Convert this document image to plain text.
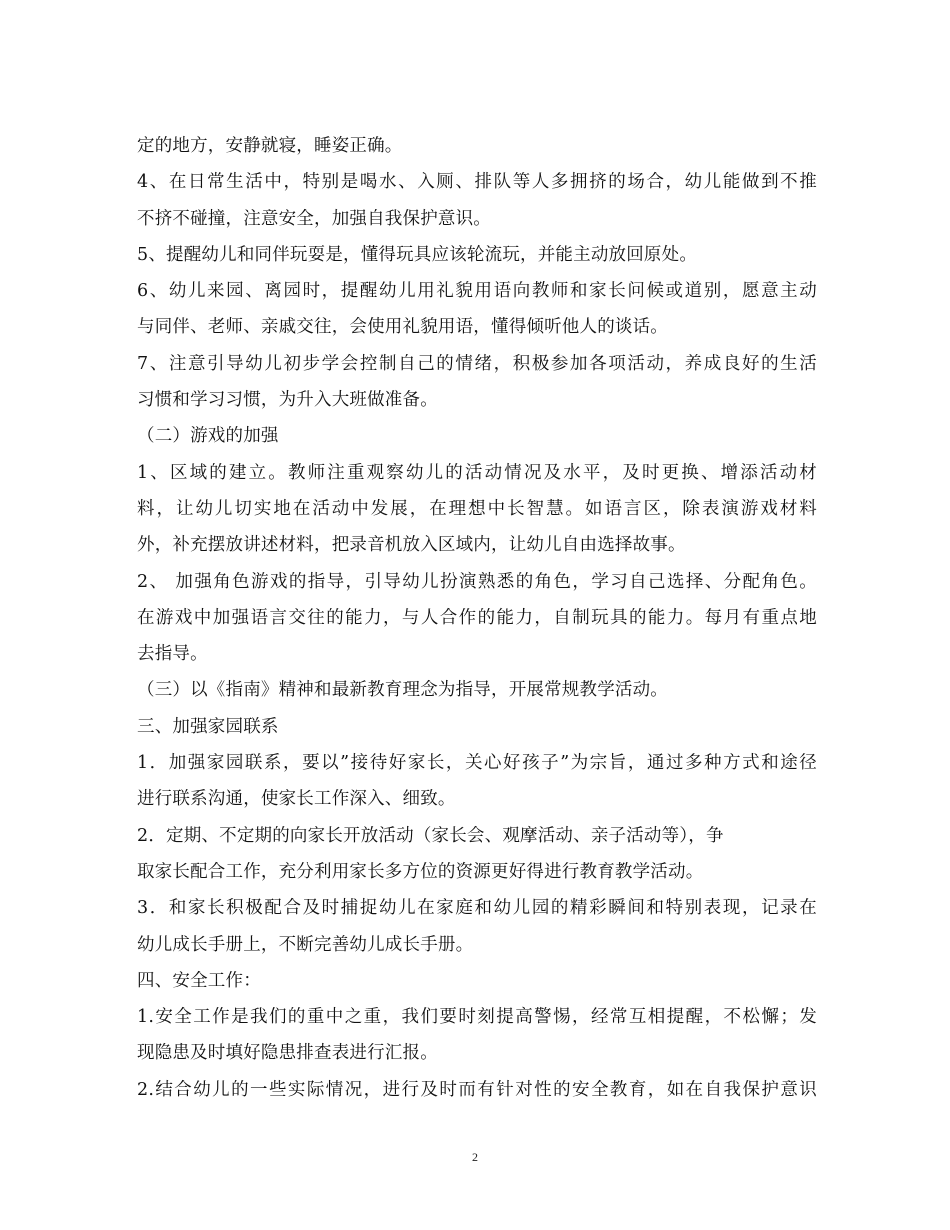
定的地方，安静就寝，睡姿正确。
4、在日常生活中，特别是喝水、入厕、排队等人多拥挤的场合，幼儿能做到不推
不挤不碰撞，注意安全，加强自我保护意识。
5、提醒幼儿和同伴玩耍是，懂得玩具应该轮流玩，并能主动放回原处。
6、幼儿来园、离园时，提醒幼儿用礼貌用语向教师和家长问候或道别，愿意主动
与同伴、老师、亲戚交往，会使用礼貌用语，懂得倾听他人的谈话。
7、注意引导幼儿初步学会控制自己的情绪，积极参加各项活动，养成良好的生活
习惯和学习习惯，为升入大班做准备。
（二）游戏的加强
1、区域的建立。教师注重观察幼儿的活动情况及水平，及时更换、增添活动材
料，让幼儿切实地在活动中发展，在理想中长智慧。如语言区，除表演游戏材料
外，补充摆放讲述材料，把录音机放入区域内，让幼儿自由选择故事。
2、 加强角色游戏的指导，引导幼儿扮演熟悉的角色，学习自己选择、分配角色。
在游戏中加强语言交往的能力，与人合作的能力，自制玩具的能力。每月有重点地
去指导。
（三）以《指南》精神和最新教育理念为指导，开展常规教学活动。
三、加强家园联系
1．加强家园联系，要以”接待好家长，关心好孩子”为宗旨，通过多种方式和途径
进行联系沟通，使家长工作深入、细致。
2．定期、不定期的向家长开放活动（家长会、观摩活动、亲子活动等），争
取家长配合工作，充分利用家长多方位的资源更好得进行教育教学活动。
3．和家长积极配合及时捕捉幼儿在家庭和幼儿园的精彩瞬间和特别表现，记录在
幼儿成长手册上，不断完善幼儿成长手册。
四、安全工作：
1.安全工作是我们的重中之重，我们要时刻提高警惕，经常互相提醒，不松懈；发
现隐患及时填好隐患排查表进行汇报。
2.结合幼儿的一些实际情况，进行及时而有针对性的安全教育，如在自我保护意识
2
